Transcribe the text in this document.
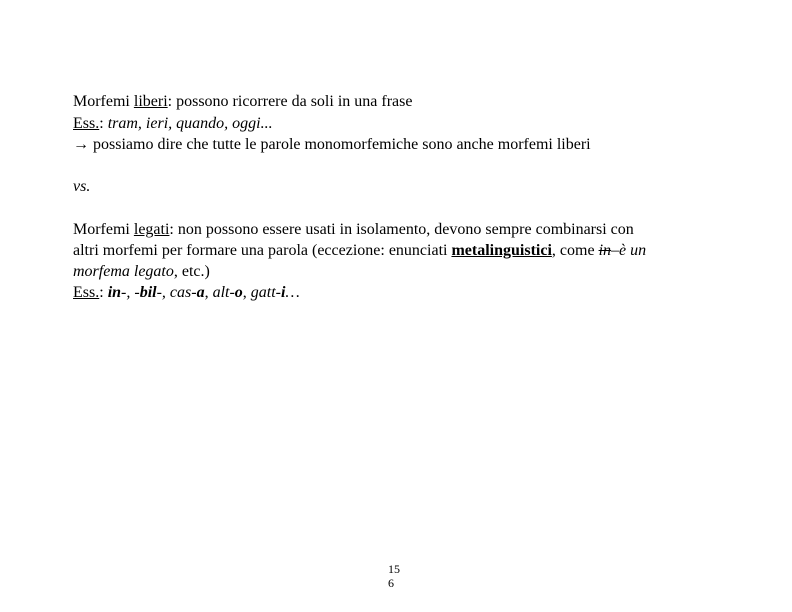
Morfemi liberi: possono ricorrere da soli in una frase
Ess.: tram, ieri, quando, oggi...
→ possiamo dire che tutte le parole monomorfemiche sono anche morfemi liberi
vs.
Morfemi legati: non possono essere usati in isolamento, devono sempre combinarsi con
altri morfemi per formare una parola (eccezione: enunciati metalinguistici, come in–è un
morfema legato, etc.)
Ess.: in-, -bil-, cas-a, alt-o, gatt-i…
15
6
